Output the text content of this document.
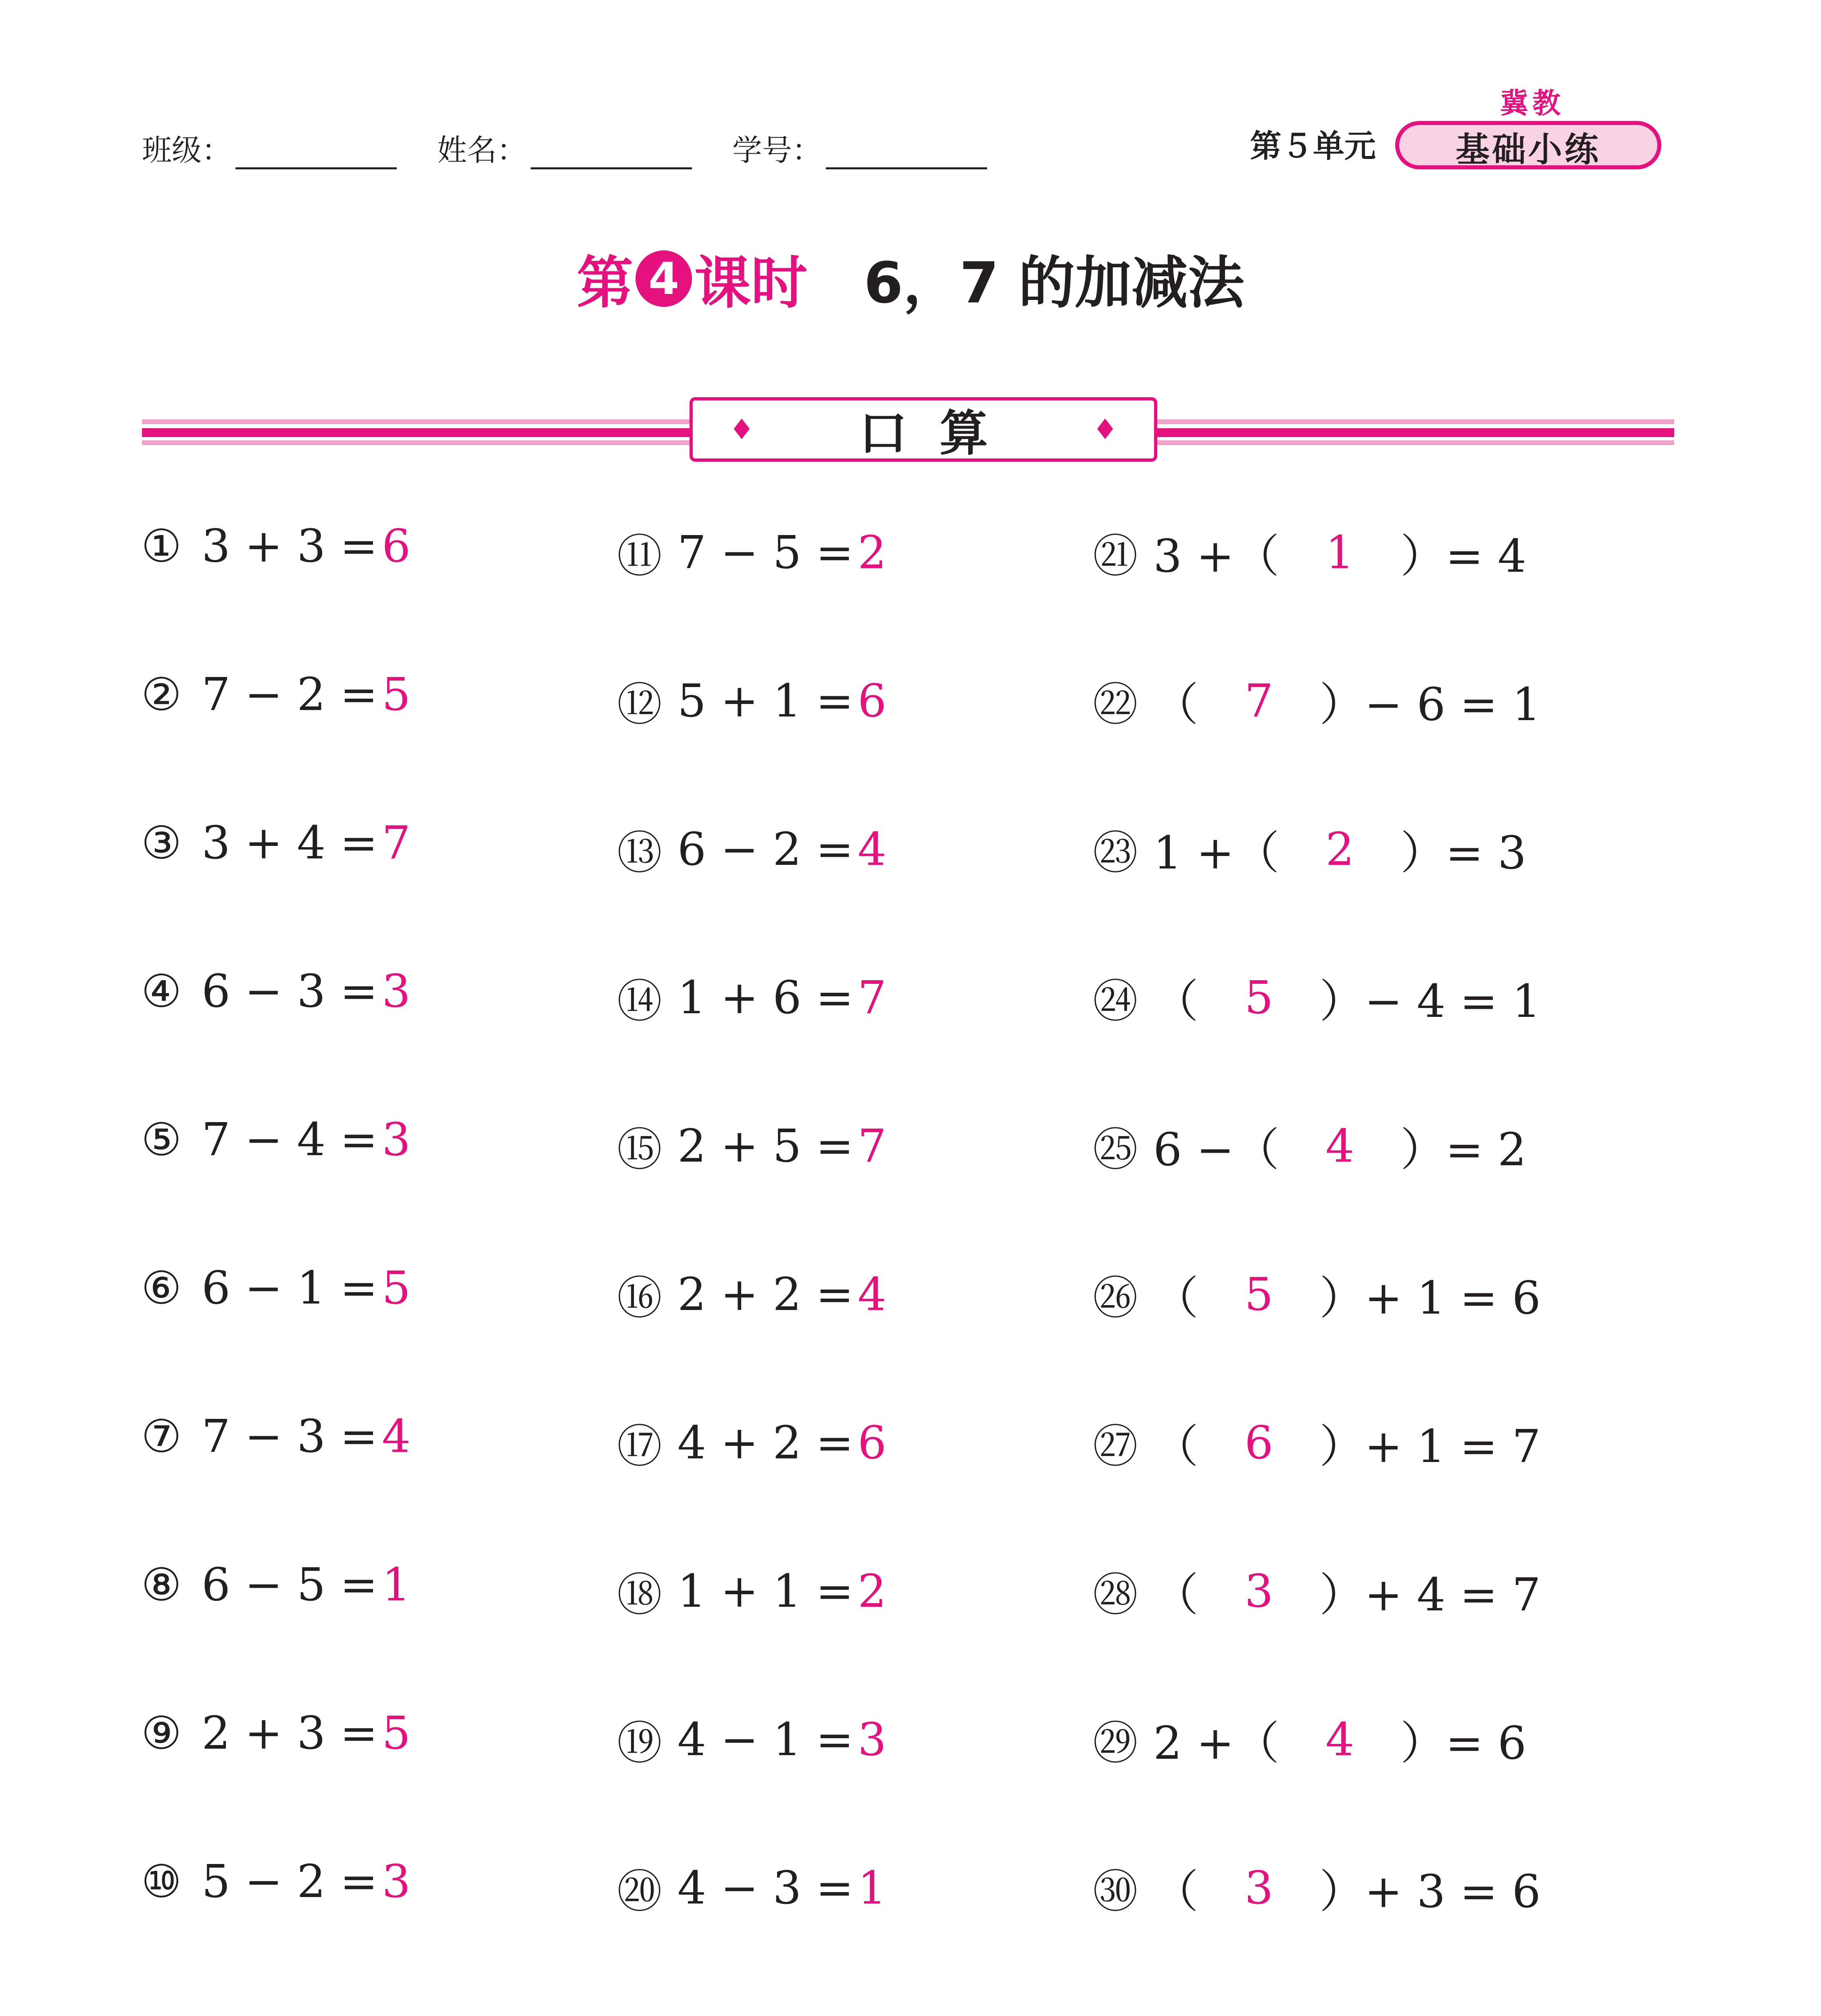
班级：	姓名：	学号：	第５单元
冀教
基础小练
第 4 课时 6，7 的加减法
♦ 口算	♦
① 3 + 3 = 6	⑪ 7 − 5 = 2	㉑ 3 +（	1	）= 4
② 7 − 2 = 5	⑫ 5 + 1 = 6	㉒ （	7	）− 6 = 1
③ 3 + 4 = 7	⑬ 6 − 2 = 4	㉓ 1 +（	2	）= 3
④ 6 − 3 = 3	⑭ 1 + 6 = 7	㉔ （	5	）− 4 = 1
⑤ 7 − 4 = 3	⑮ 2 + 5 = 7	㉕ 6 −（	4	）= 2
⑥ 6 − 1 = 5	⑯ 2 + 2 = 4	㉖ （	5	）+ 1 = 6
⑦ 7 − 3 = 4	⑰ 4 + 2 = 6	㉗ （	6	）+ 1 = 7
⑧ 6 − 5 = 1	⑱ 1 + 1 = 2	㉘ （	3	）+ 4 = 7
⑨ 2 + 3 = 5	⑲ 4 − 1 = 3	㉙ 2 +（	4	）= 6
⑩ 5 − 2 = 3	⑳ 4 − 3 = 1	㉚ （	3	）+ 3 = 6
